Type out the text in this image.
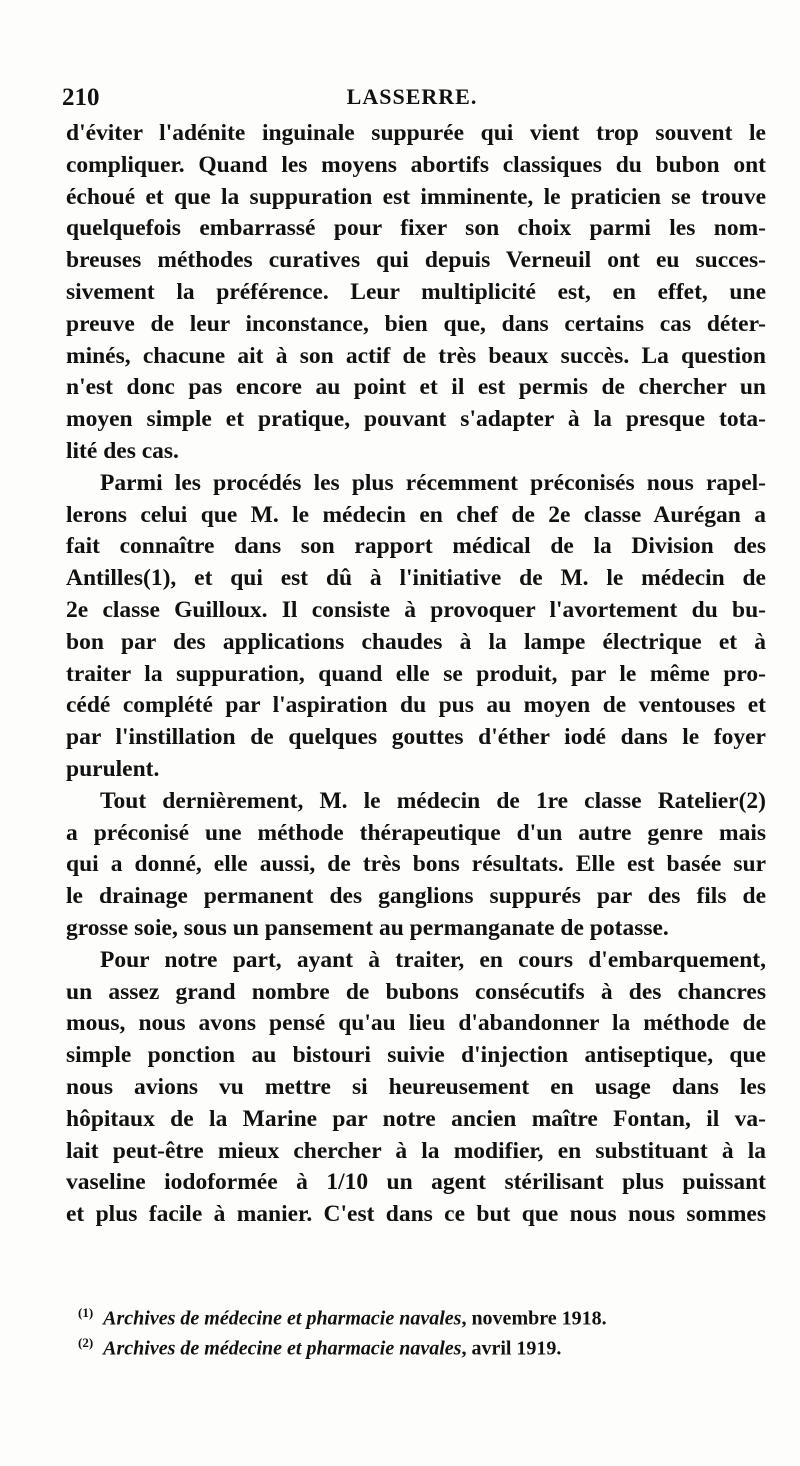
210	LASSERRE.
d'éviter l'adénite inguinale suppurée qui vient trop souvent le
compliquer. Quand les moyens abortifs classiques du bubon ont
échoué et que la suppuration est imminente, le praticien se trouve
quelquefois embarrassé pour fixer son choix parmi les nom-
breuses méthodes curatives qui depuis Verneuil ont eu succes-
sivement la préférence. Leur multiplicité est, en effet, une
preuve de leur inconstance, bien que, dans certains cas déter-
minés, chacune ait à son actif de très beaux succès. La question
n'est donc pas encore au point et il est permis de chercher un
moyen simple et pratique, pouvant s'adapter à la presque tota-
lité des cas.
Parmi les procédés les plus récemment préconisés nous rapel-
lerons celui que M. le médecin en chef de 2e classe Aurégan a
fait connaître dans son rapport médical de la Division des
Antilles(1), et qui est dû à l'initiative de M. le médecin de
2e classe Guilloux. Il consiste à provoquer l'avortement du bu-
bon par des applications chaudes à la lampe électrique et à
traiter la suppuration, quand elle se produit, par le même pro-
cédé complété par l'aspiration du pus au moyen de ventouses et
par l'instillation de quelques gouttes d'éther iodé dans le foyer
purulent.
Tout dernièrement, M. le médecin de 1re classe Ratelier(2)
a préconisé une méthode thérapeutique d'un autre genre mais
qui a donné, elle aussi, de très bons résultats. Elle est basée sur
le drainage permanent des ganglions suppurés par des fils de
grosse soie, sous un pansement au permanganate de potasse.
Pour notre part, ayant à traiter, en cours d'embarquement,
un assez grand nombre de bubons consécutifs à des chancres
mous, nous avons pensé qu'au lieu d'abandonner la méthode de
simple ponction au bistouri suivie d'injection antiseptique, que
nous avions vu mettre si heureusement en usage dans les
hôpitaux de la Marine par notre ancien maître Fontan, il va-
lait peut-être mieux chercher à la modifier, en substituant à la
vaseline iodoformée à 1/10 un agent stérilisant plus puissant
et plus facile à manier. C'est dans ce but que nous nous sommes
$^{(1)}$ Archives de médecine et pharmacie navales, novembre 1918.
$^{(2)}$ Archives de médecine et pharmacie navales, avril 1919.
